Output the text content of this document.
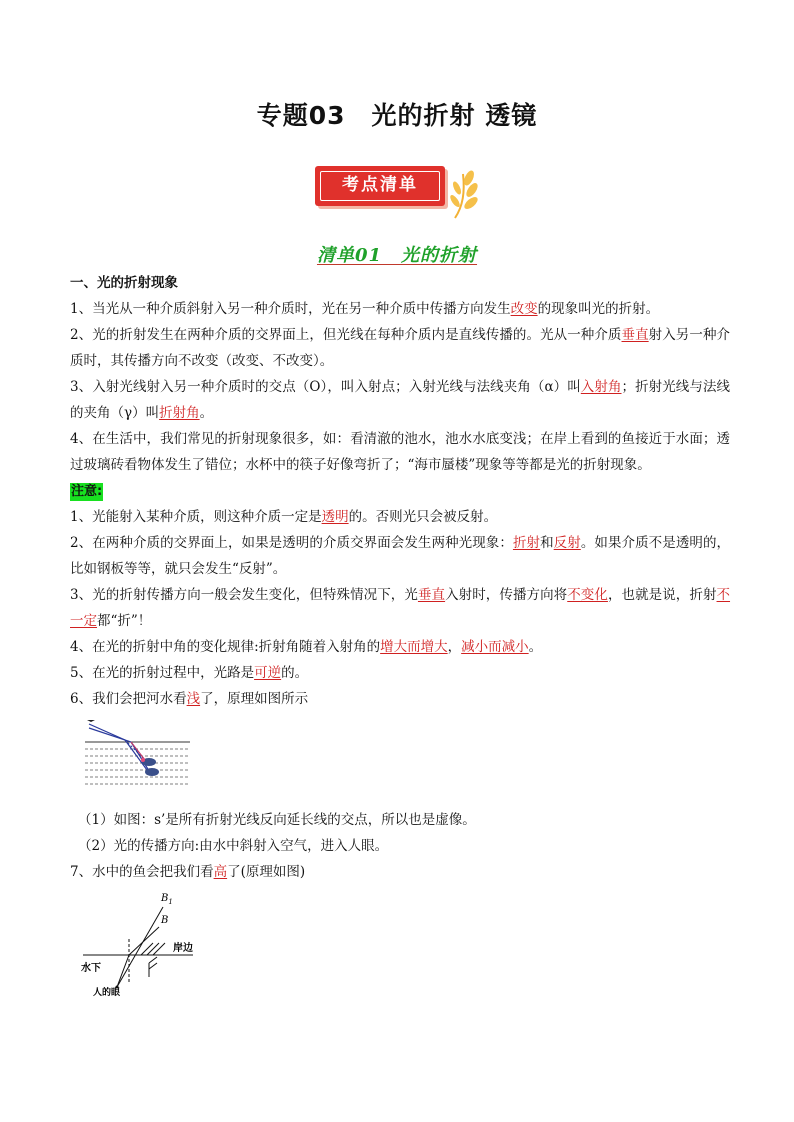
专题03　光的折射 透镜
考点清单
清单01　光的折射

一、光的折射现象

1、当光从一种介质斜射入另一种介质时，光在另一种介质中传播方向发生改变的现象叫光的折射。

2、光的折射发生在两种介质的交界面上，但光线在每种介质内是直线传播的。光从一种介质垂直射入另一种介质时，其传播方向不改变（改变、不改变）。

3、入射光线射入另一种介质时的交点（O），叫入射点；入射光线与法线夹角（α）叫入射角；折射光线与法线的夹角（γ）叫折射角。

4、在生活中，我们常见的折射现象很多，如：看清澈的池水，池水水底变浅；在岸上看到的鱼接近于水面；透过玻璃砖看物体发生了错位；水杯中的筷子好像弯折了；“海市蜃楼”现象等等都是光的折射现象。

注意:

1、光能射入某种介质，则这种介质一定是透明的。否则光只会被反射。

2、在两种介质的交界面上，如果是透明的介质交界面会发生两种光现象：折射和反射。如果介质不是透明的，比如钢板等等，就只会发生“反射”。

3、光的折射传播方向一般会发生变化，但特殊情况下，光垂直入射时，传播方向将不变化，也就是说，折射不一定都“折”！

4、在光的折射中角的变化规律:折射角随着入射角的增大而增大，减小而减小。

5、在光的折射过程中，光路是可逆的。

6、我们会把河水看浅了，原理如图所示

（1）如图：s’是所有折射光线反向延长线的交点，所以也是虚像。

（2）光的传播方向:由水中斜射入空气，进入人眼。

7、水中的鱼会把我们看高了(原理如图)

$B_1$
B
岸边
水下
人的眼
